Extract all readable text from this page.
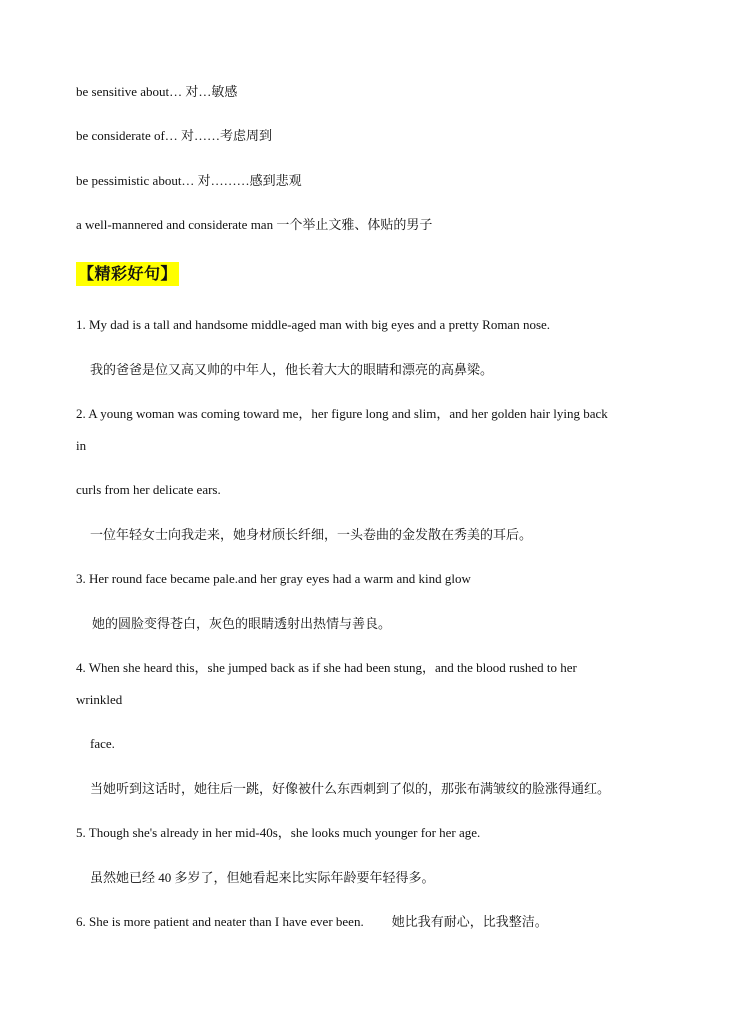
be sensitive about… 对…敏感
be considerate of… 对……考虑周到
be pessimistic about… 对………感到悲观
a well-mannered and considerate man 一个举止文雅、体贴的男子
【精彩好句】
1. My dad is a tall and handsome middle-aged man with big eyes and a pretty Roman nose.
我的爸爸是位又高又帅的中年人，他长着大大的眼睛和漂亮的高鼻梁。
2. A young woman was coming toward me，her figure long and slim，and her golden hair lying back
in
curls from her delicate ears.
一位年轻女士向我走来，她身材颀长纤细，一头卷曲的金发散在秀美的耳后。
3. Her round face became pale.and her gray eyes had a warm and kind glow
她的圆脸变得苍白，灰色的眼睛透射出热情与善良。
4. When she heard this，she jumped back as if she had been stung，and the blood rushed to her
wrinkled
face.
当她听到这话时，她往后一跳，好像被什么东西刺到了似的，那张布满皱纹的脸涨得通红。
5. Though she's already in her mid-40s，she looks much younger for her age.
虽然她已经 40 多岁了，但她看起来比实际年龄要年轻得多。
6. She is more patient and neater than I have ever been. 她比我有耐心，比我整洁。
